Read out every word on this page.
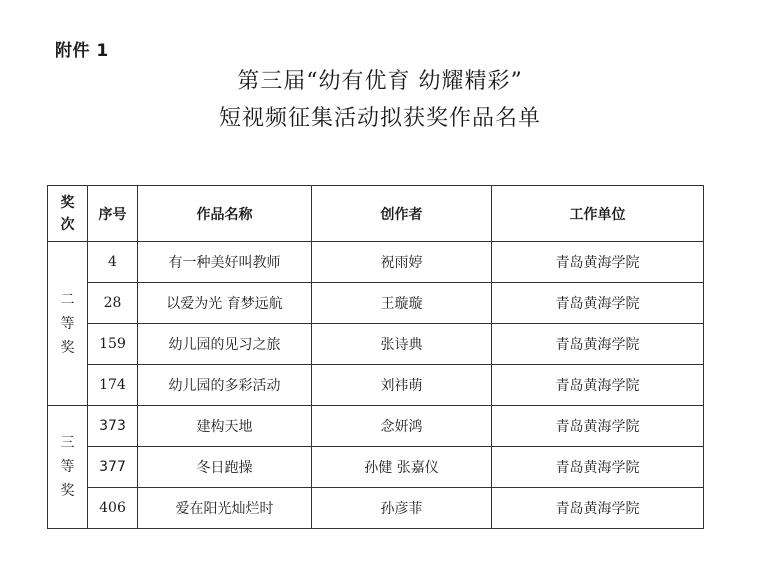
附件 1
第三届“幼有优育 幼耀精彩”
短视频征集活动拟获奖作品名单
奖次	序号	作品名称	创作者	工作单位
二等奖	4	有一种美好叫教师	祝雨婷	青岛黄海学院
	28	以爱为光 育梦远航	王璇璇	青岛黄海学院
	159	幼儿园的见习之旅	张诗典	青岛黄海学院
	174	幼儿园的多彩活动	刘祎萌	青岛黄海学院
三等奖	373	建构天地	念妍鸿	青岛黄海学院
	377	冬日跑操	孙健 张嘉仪	青岛黄海学院
	406	爱在阳光灿烂时	孙彦菲	青岛黄海学院
